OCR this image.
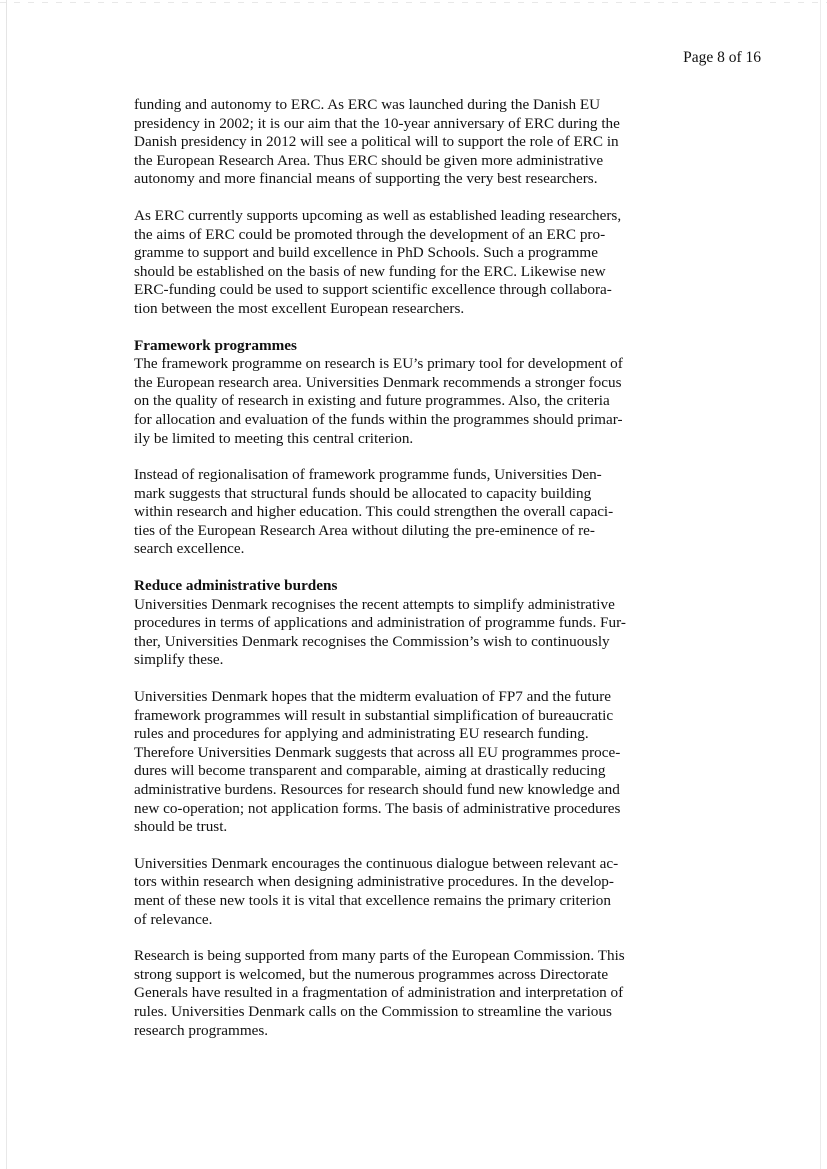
Page 8 of 16

funding and autonomy to ERC. As ERC was launched during the Danish EU
presidency in 2002; it is our aim that the 10-year anniversary of ERC during the
Danish presidency in 2012 will see a political will to support the role of ERC in
the European Research Area. Thus ERC should be given more administrative
autonomy and more financial means of supporting the very best researchers.

As ERC currently supports upcoming as well as established leading researchers,
the aims of ERC could be promoted through the development of an ERC pro-
gramme to support and build excellence in PhD Schools. Such a programme
should be established on the basis of new funding for the ERC. Likewise new
ERC-funding could be used to support scientific excellence through collabora-
tion between the most excellent European researchers.

Framework programmes
The framework programme on research is EU’s primary tool for development of
the European research area. Universities Denmark recommends a stronger focus
on the quality of research in existing and future programmes. Also, the criteria
for allocation and evaluation of the funds within the programmes should primar-
ily be limited to meeting this central criterion.

Instead of regionalisation of framework programme funds, Universities Den-
mark suggests that structural funds should be allocated to capacity building
within research and higher education. This could strengthen the overall capaci-
ties of the European Research Area without diluting the pre-eminence of re-
search excellence.

Reduce administrative burdens
Universities Denmark recognises the recent attempts to simplify administrative
procedures in terms of applications and administration of programme funds. Fur-
ther, Universities Denmark recognises the Commission’s wish to continuously
simplify these.

Universities Denmark hopes that the midterm evaluation of FP7 and the future
framework programmes will result in substantial simplification of bureaucratic
rules and procedures for applying and administrating EU research funding.
Therefore Universities Denmark suggests that across all EU programmes proce-
dures will become transparent and comparable, aiming at drastically reducing
administrative burdens. Resources for research should fund new knowledge and
new co-operation; not application forms. The basis of administrative procedures
should be trust.

Universities Denmark encourages the continuous dialogue between relevant ac-
tors within research when designing administrative procedures. In the develop-
ment of these new tools it is vital that excellence remains the primary criterion
of relevance.

Research is being supported from many parts of the European Commission. This
strong support is welcomed, but the numerous programmes across Directorate
Generals have resulted in a fragmentation of administration and interpretation of
rules. Universities Denmark calls on the Commission to streamline the various
research programmes.
